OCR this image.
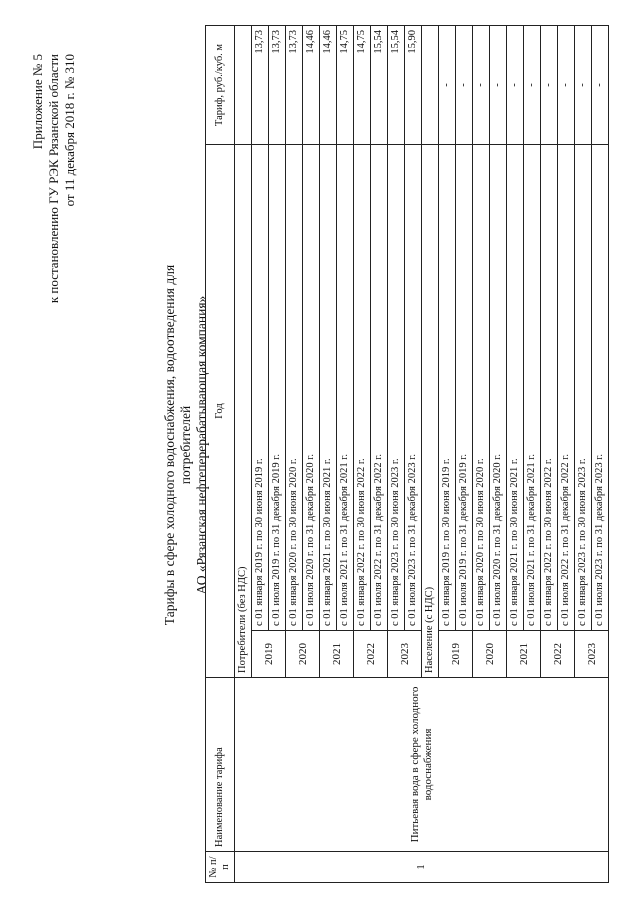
Приложение № 5 к постановлению ГУ РЭК Рязанской области от 11 декабря 2018 г. № 310
Тарифы в сфере холодного водоснабжения, водоотведения для потребителей АО «Рязанская нефтеперерабатывающая компания»
№ п/п	Наименование тарифа	Год		Тариф, руб./куб. м
1	Питьевая вода в сфере холодного водоснабжения	Потребители (без НДС)		
		2019	с 01 января 2019 г. по 30 июня 2019 г.	13,73
			с 01 июля 2019 г. по 31 декабря 2019 г.	13,73
		2020	с 01 января 2020 г. по 30 июня 2020 г.	13,73
			с 01 июля 2020 г. по 31 декабря 2020 г.	14,46
		2021	с 01 января 2021 г. по 30 июня 2021 г.	14,46
			с 01 июля 2021 г. по 31 декабря 2021 г.	14,75
		2022	с 01 января 2022 г. по 30 июня 2022 г.	14,75
			с 01 июля 2022 г. по 31 декабря 2022 г.	15,54
		2023	с 01 января 2023 г. по 30 июня 2023 г.	15,54
			с 01 июля 2023 г. по 31 декабря 2023 г.	15,90
		Население (с НДС)		
		2019	с 01 января 2019 г. по 30 июня 2019 г.	-
			с 01 июля 2019 г. по 31 декабря 2019 г.	-
		2020	с 01 января 2020 г. по 30 июня 2020 г.	-
			с 01 июля 2020 г. по 31 декабря 2020 г.	-
		2021	с 01 января 2021 г. по 30 июня 2021 г.	-
			с 01 июля 2021 г. по 31 декабря 2021 г.	-
		2022	с 01 января 2022 г. по 30 июня 2022 г.	-
			с 01 июля 2022 г. по 31 декабря 2022 г.	-
		2023	с 01 января 2023 г. по 30 июня 2023 г.	-
			с 01 июля 2023 г. по 31 декабря 2023 г.	-
